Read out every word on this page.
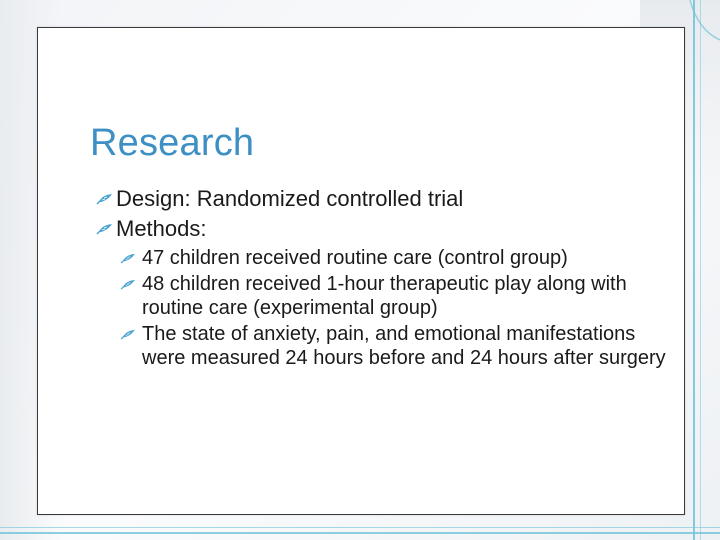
Research
Design: Randomized controlled trial
Methods:
47 children received routine care (control group)
48 children received 1-hour therapeutic play along with routine care (experimental group)
The state of anxiety, pain, and emotional manifestations were measured 24 hours before and 24 hours after surgery
